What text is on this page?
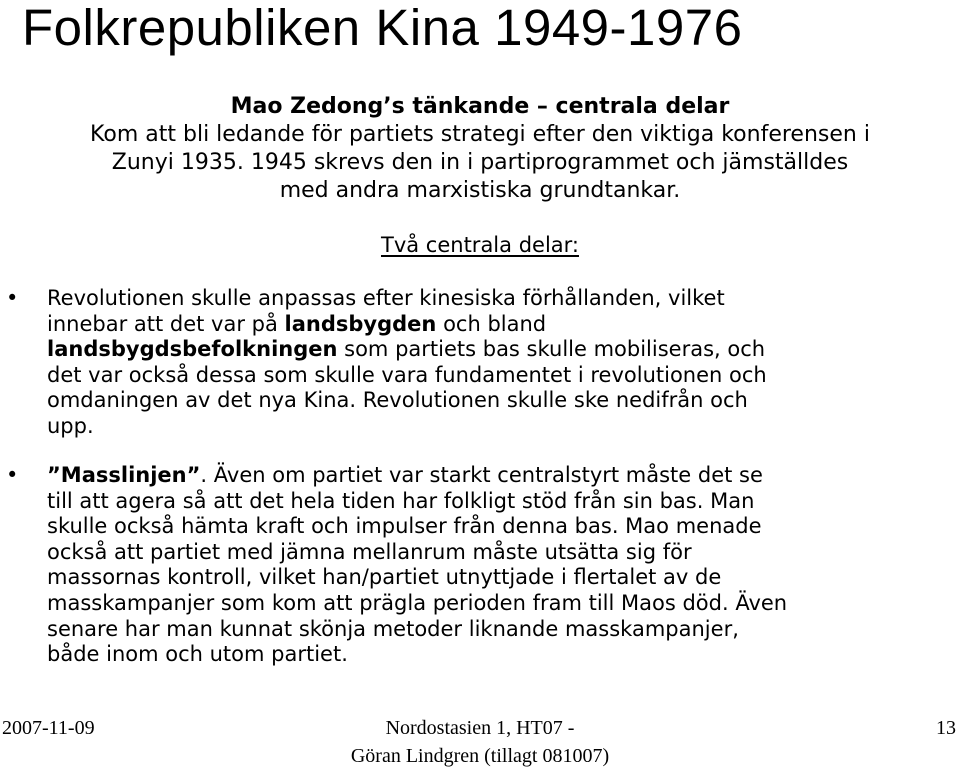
Folkrepubliken Kina 1949-1976
Mao Zedong’s tänkande – centrala delar
Kom att bli ledande för partiets strategi efter den viktiga konferensen i
Zunyi 1935. 1945 skrevs den in i partiprogrammet och jämställdes
med andra marxistiska grundtankar.
Två centrala delar:
• Revolutionen skulle anpassas efter kinesiska förhållanden, vilket
innebar att det var på landsbygden och bland
landsbygdsbefolkningen som partiets bas skulle mobiliseras, och
det var också dessa som skulle vara fundamentet i revolutionen och
omdaningen av det nya Kina. Revolutionen skulle ske nedifrån och
upp.
• ”Masslinjen”. Även om partiet var starkt centralstyrt måste det se
till att agera så att det hela tiden har folkligt stöd från sin bas. Man
skulle också hämta kraft och impulser från denna bas. Mao menade
också att partiet med jämna mellanrum måste utsätta sig för
massornas kontroll, vilket han/partiet utnyttjade i flertalet av de
masskampanjer som kom att prägla perioden fram till Maos död. Även
senare har man kunnat skönja metoder liknande masskampanjer,
både inom och utom partiet.
2007-11-09	Nordostasien 1, HT07 -
Göran Lindgren (tillagt 081007)
13
